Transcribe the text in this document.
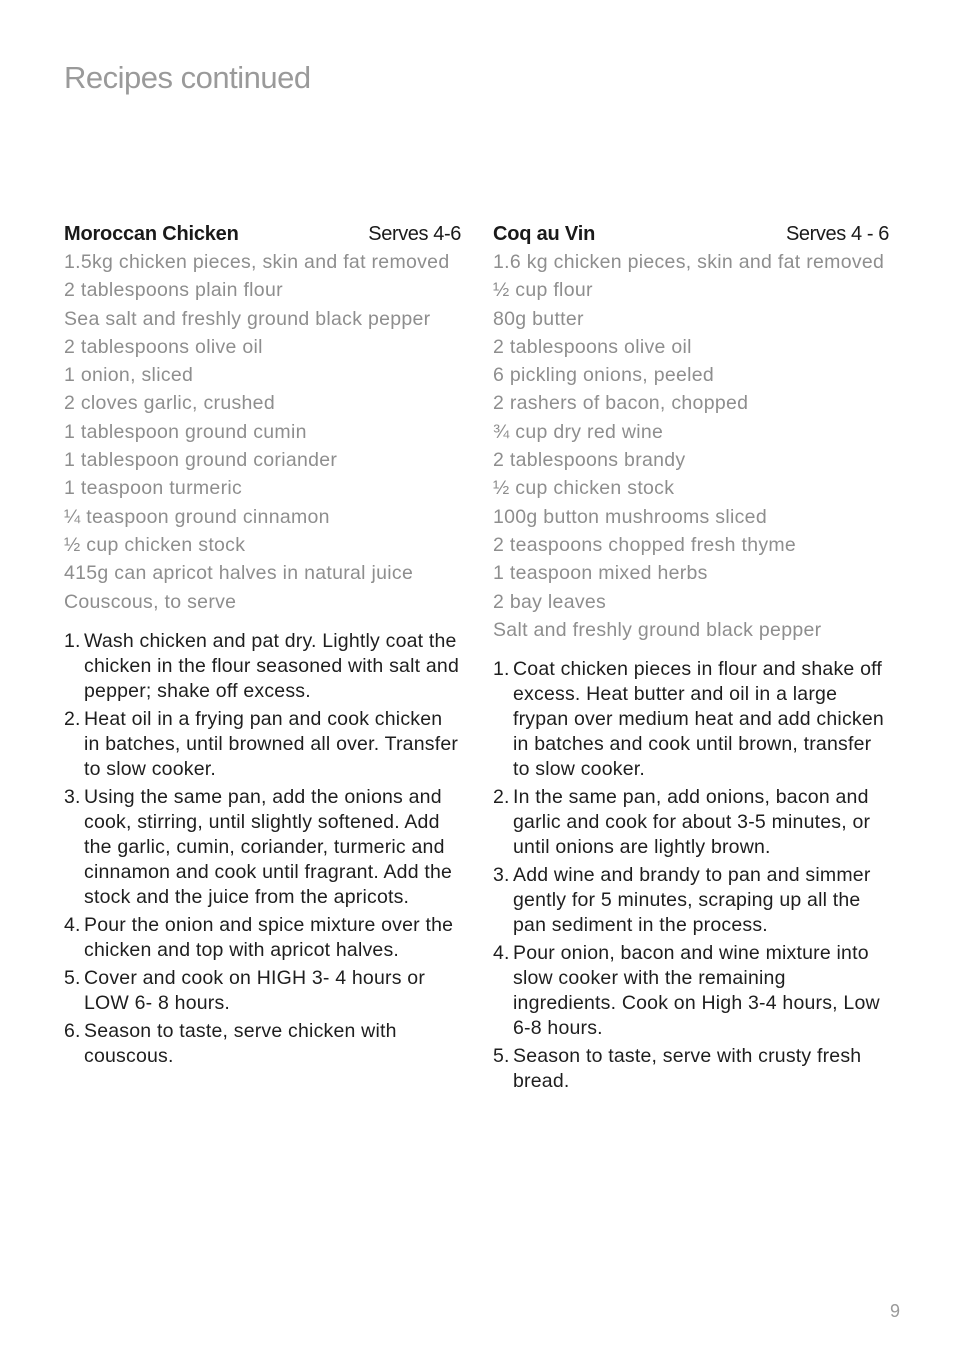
Recipes continued
Moroccan Chicken	Serves 4-6
1.5kg chicken pieces, skin and fat removed
2 tablespoons plain flour
Sea salt and freshly ground black pepper
2 tablespoons olive oil
1 onion, sliced
2 cloves garlic, crushed
1 tablespoon ground cumin
1 tablespoon ground coriander
1 teaspoon turmeric
¼ teaspoon ground cinnamon
½ cup chicken stock
415g can apricot halves in natural juice
Couscous, to serve
1. Wash chicken and pat dry. Lightly coat the chicken in the flour seasoned with salt and pepper; shake off excess.
2. Heat oil in a frying pan and cook chicken in batches, until browned all over. Transfer to slow cooker.
3. Using the same pan, add the onions and cook, stirring, until slightly softened. Add the garlic, cumin, coriander, turmeric and cinnamon and cook until fragrant. Add the stock and the juice from the apricots.
4. Pour the onion and spice mixture over the chicken and top with apricot halves.
5. Cover and cook on HIGH 3- 4 hours or LOW 6- 8 hours.
6. Season to taste, serve chicken with couscous.
Coq au Vin	Serves 4 - 6
1.6 kg chicken pieces, skin and fat removed
½ cup flour
80g butter
2 tablespoons olive oil
6 pickling onions, peeled
2 rashers of bacon, chopped
¾ cup dry red wine
2 tablespoons brandy
½ cup chicken stock
100g button mushrooms sliced
2 teaspoons chopped fresh thyme
1 teaspoon mixed herbs
2 bay leaves
Salt and freshly ground black pepper
1. Coat chicken pieces in flour and shake off excess. Heat butter and oil in a large frypan over medium heat and add chicken in batches and cook until brown, transfer to slow cooker.
2. In the same pan, add onions, bacon and garlic and cook for about 3-5 minutes, or until onions are lightly brown.
3. Add wine and brandy to pan and simmer gently for 5 minutes, scraping up all the pan sediment in the process.
4. Pour onion, bacon and wine mixture into slow cooker with the remaining ingredients. Cook on High 3-4 hours, Low 6-8 hours.
5. Season to taste, serve with crusty fresh bread.
9
